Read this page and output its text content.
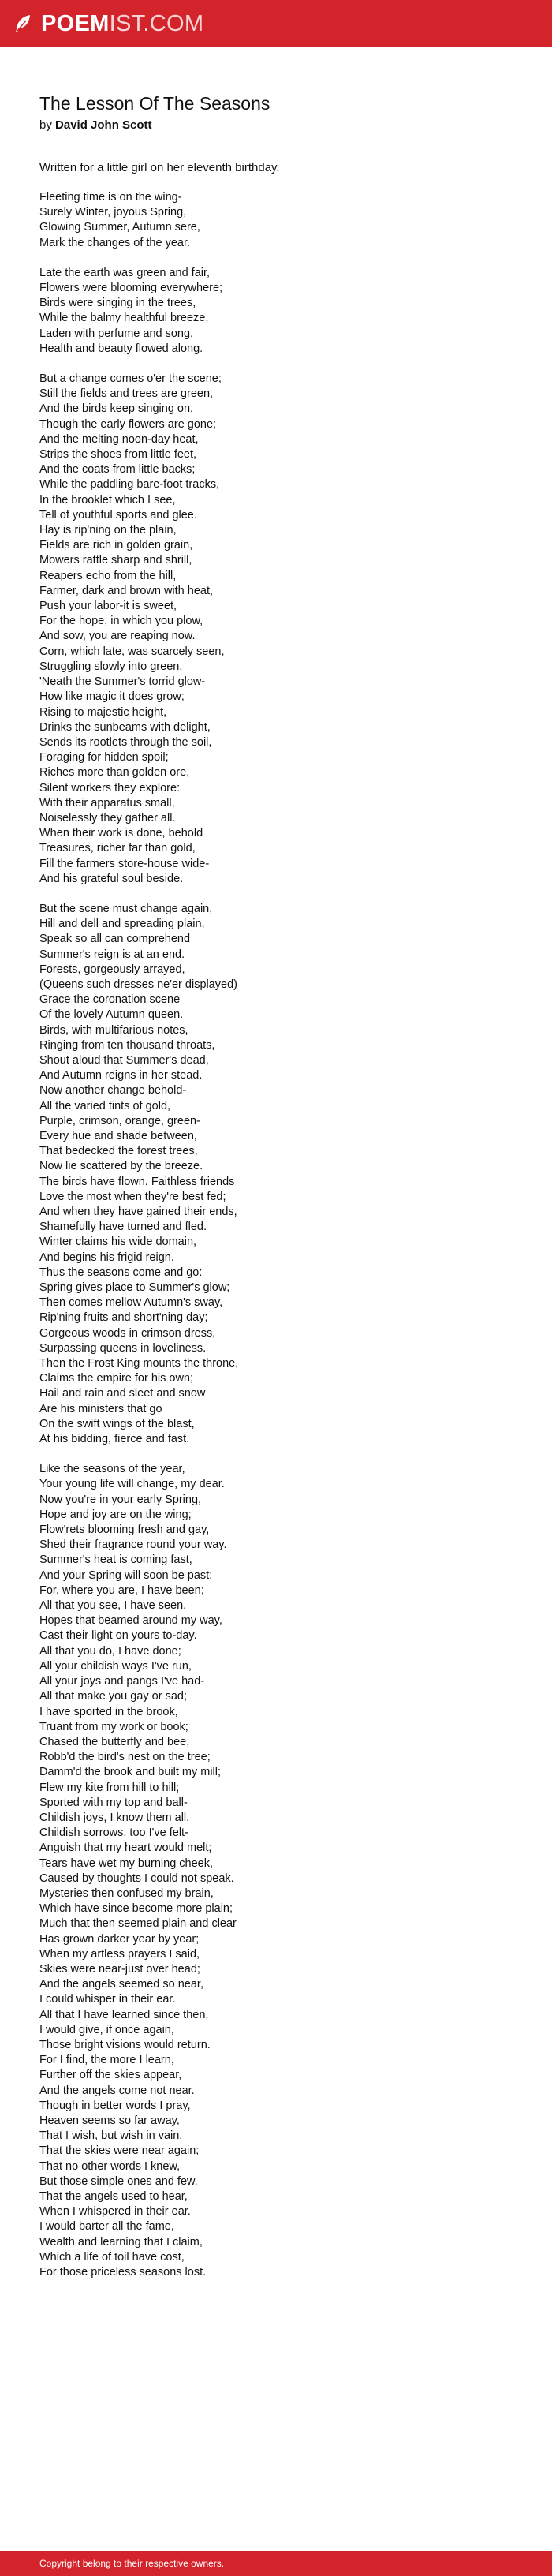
POEMIST.COM
The Lesson Of The Seasons
by David John Scott
Written for a little girl on her eleventh birthday.
Fleeting time is on the wing-
Surely Winter, joyous Spring,
Glowing Summer, Autumn sere,
Mark the changes of the year.
Late the earth was green and fair,
Flowers were blooming everywhere;
Birds were singing in the trees,
While the balmy healthful breeze,
Laden with perfume and song,
Health and beauty flowed along.
But a change comes o'er the scene;
Still the fields and trees are green,
And the birds keep singing on,
Though the early flowers are gone;
And the melting noon-day heat,
Strips the shoes from little feet,
And the coats from little backs;
While the paddling bare-foot tracks,
In the brooklet which I see,
Tell of youthful sports and glee.
Hay is rip'ning on the plain,
Fields are rich in golden grain,
Mowers rattle sharp and shrill,
Reapers echo from the hill,
Farmer, dark and brown with heat,
Push your labor-it is sweet,
For the hope, in which you plow,
And sow, you are reaping now.
Corn, which late, was scarcely seen,
Struggling slowly into green,
'Neath the Summer's torrid glow-
How like magic it does grow;
Rising to majestic height,
Drinks the sunbeams with delight,
Sends its rootlets through the soil,
Foraging for hidden spoil;
Riches more than golden ore,
Silent workers they explore:
With their apparatus small,
Noiselessly they gather all.
When their work is done, behold
Treasures, richer far than gold,
Fill the farmers store-house wide-
And his grateful soul beside.
But the scene must change again,
Hill and dell and spreading plain,
Speak so all can comprehend
Summer's reign is at an end.
Forests, gorgeously arrayed,
(Queens such dresses ne'er displayed)
Grace the coronation scene
Of the lovely Autumn queen.
Birds, with multifarious notes,
Ringing from ten thousand throats,
Shout aloud that Summer's dead,
And Autumn reigns in her stead.
Now another change behold-
All the varied tints of gold,
Purple, crimson, orange, green-
Every hue and shade between,
That bedecked the forest trees,
Now lie scattered by the breeze.
The birds have flown. Faithless friends
Love the most when they're best fed;
And when they have gained their ends,
Shamefully have turned and fled.
Winter claims his wide domain,
And begins his frigid reign.
Thus the seasons come and go:
Spring gives place to Summer's glow;
Then comes mellow Autumn's sway,
Rip'ning fruits and short'ning day;
Gorgeous woods in crimson dress,
Surpassing queens in loveliness.
Then the Frost King mounts the throne,
Claims the empire for his own;
Hail and rain and sleet and snow
Are his ministers that go
On the swift wings of the blast,
At his bidding, fierce and fast.
Like the seasons of the year,
Your young life will change, my dear.
Now you're in your early Spring,
Hope and joy are on the wing;
Flow'rets blooming fresh and gay,
Shed their fragrance round your way.
Summer's heat is coming fast,
And your Spring will soon be past;
For, where you are, I have been;
All that you see, I have seen.
Hopes that beamed around my way,
Cast their light on yours to-day.
All that you do, I have done;
All your childish ways I've run,
All your joys and pangs I've had-
All that make you gay or sad;
I have sported in the brook,
Truant from my work or book;
Chased the butterfly and bee,
Robb'd the bird's nest on the tree;
Damm'd the brook and built my mill;
Flew my kite from hill to hill;
Sported with my top and ball-
Childish joys, I know them all.
Childish sorrows, too I've felt-
Anguish that my heart would melt;
Tears have wet my burning cheek,
Caused by thoughts I could not speak.
Mysteries then confused my brain,
Which have since become more plain;
Much that then seemed plain and clear
Has grown darker year by year;
When my artless prayers I said,
Skies were near-just over head;
And the angels seemed so near,
I could whisper in their ear.
All that I have learned since then,
I would give, if once again,
Those bright visions would return.
For I find, the more I learn,
Further off the skies appear,
And the angels come not near.
Though in better words I pray,
Heaven seems so far away,
That I wish, but wish in vain,
That the skies were near again;
That no other words I knew,
But those simple ones and few,
That the angels used to hear,
When I whispered in their ear.
I would barter all the fame,
Wealth and learning that I claim,
Which a life of toil have cost,
For those priceless seasons lost.
Copyright belong to their respective owners.
